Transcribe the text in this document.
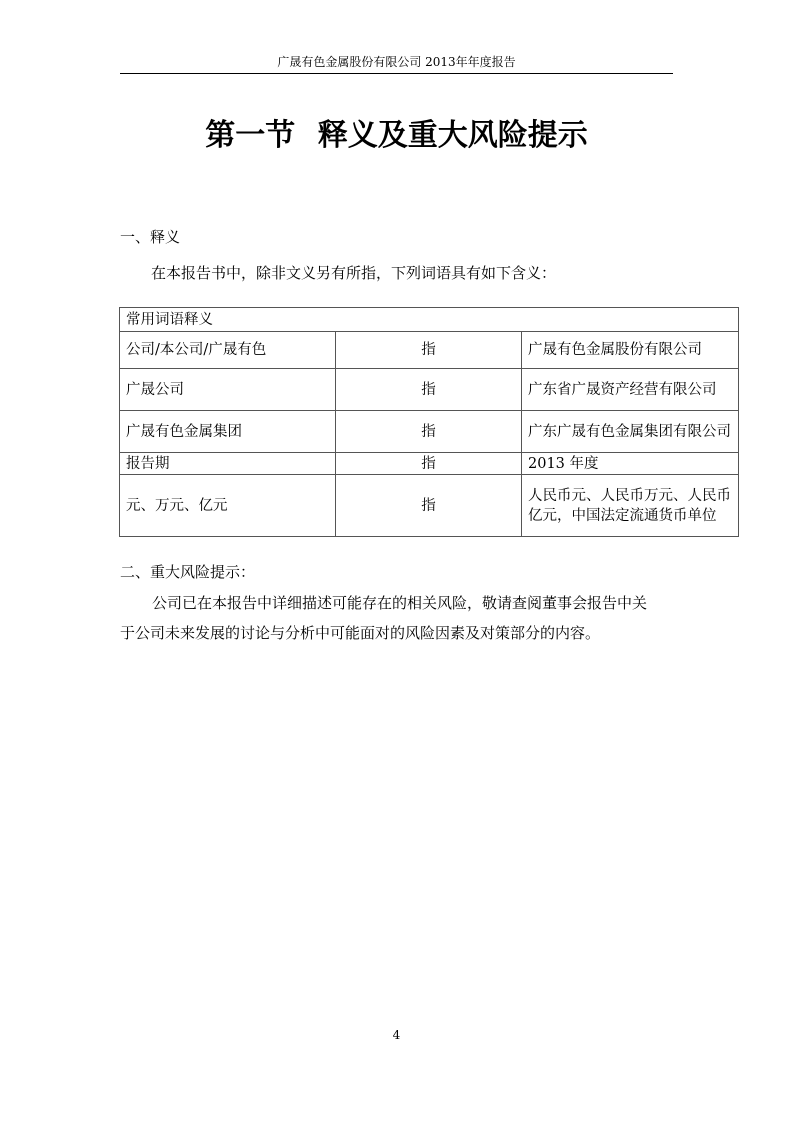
广晟有色金属股份有限公司 2013年年度报告
第一节 释义及重大风险提示
一、释义
在本报告书中，除非文义另有所指，下列词语具有如下含义：
常用词语释义		
公司/本公司/广晟有色	指	广晟有色金属股份有限公司
广晟公司	指	广东省广晟资产经营有限公司
广晟有色金属集团	指	广东广晟有色金属集团有限公司
报告期	指	2013 年度
元、万元、亿元	指	人民币元、人民币万元、人民币亿元，中国法定流通货币单位
二、重大风险提示：
公司已在本报告中详细描述可能存在的相关风险，敬请查阅董事会报告中关
于公司未来发展的讨论与分析中可能面对的风险因素及对策部分的内容。
4
